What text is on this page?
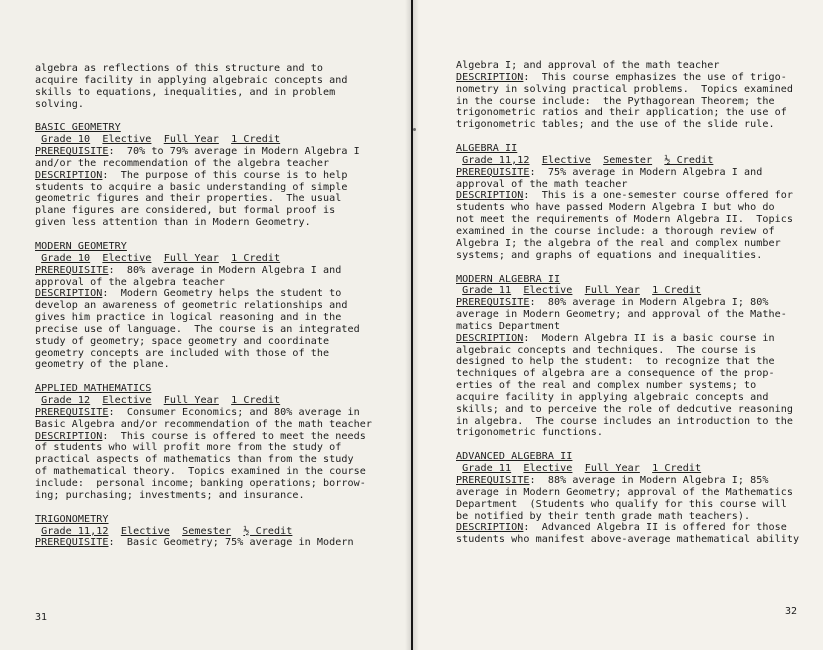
algebra as reflections of this structure and to
acquire facility in applying algebraic concepts and
skills to equations, inequalities, and in problem
solving.
BASIC GEOMETRY
Grade 10 Elective Full Year 1 Credit
PREREQUISITE:  70% to 79% average in Modern Algebra I
and/or the recommendation of the algebra teacher
DESCRIPTION:  The purpose of this course is to help
students to acquire a basic understanding of simple
geometric figures and their properties.  The usual
plane figures are considered, but formal proof is
given less attention than in Modern Geometry.
MODERN GEOMETRY
Grade 10 Elective Full Year 1 Credit
PREREQUISITE:  80% average in Modern Algebra I and
approval of the algebra teacher
DESCRIPTION:  Modern Geometry helps the student to
develop an awareness of geometric relationships and
gives him practice in logical reasoning and in the
precise use of language.  The course is an integrated
study of geometry; space geometry and coordinate
geometry concepts are included with those of the
geometry of the plane.
APPLIED MATHEMATICS
Grade 12 Elective Full Year 1 Credit
PREREQUISITE:  Consumer Economics; and 80% average in
Basic Algebra and/or recommendation of the math teacher
DESCRIPTION:  This course is offered to meet the needs
of students who will profit more from the study of
practical aspects of mathematics than from the study
of mathematical theory.  Topics examined in the course
include:  personal income; banking operations; borrow-
ing; purchasing; investments; and insurance.
TRIGONOMETRY
Grade 11,12 Elective Semester ½ Credit
PREREQUISITE:  Basic Geometry; 75% average in Modern
31
Algebra I; and approval of the math teacher
DESCRIPTION:  This course emphasizes the use of trigo-
nometry in solving practical problems.  Topics examined
in the course include:  the Pythagorean Theorem; the
trigonometric ratios and their application; the use of
trigonometric tables; and the use of the slide rule.
ALGEBRA II
Grade 11,12 Elective Semester ½ Credit
PREREQUISITE:  75% average in Modern Algebra I and
approval of the math teacher
DESCRIPTION:  This is a one-semester course offered for
students who have passed Modern Algebra I but who do
not meet the requirements of Modern Algebra II.  Topics
examined in the course include: a thorough review of
Algebra I; the algebra of the real and complex number
systems; and graphs of equations and inequalities.
MODERN ALGEBRA II
Grade 11 Elective Full Year 1 Credit
PREREQUISITE:  80% average in Modern Algebra I; 80%
average in Modern Geometry; and approval of the Mathe-
matics Department
DESCRIPTION:  Modern Algebra II is a basic course in
algebraic concepts and techniques.  The course is
designed to help the student:  to recognize that the
techniques of algebra are a consequence of the prop-
erties of the real and complex number systems; to
acquire facility in applying algebraic concepts and
skills; and to perceive the role of dedcutive reasoning
in algebra.  The course includes an introduction to the
trigonometric functions.
ADVANCED ALGEBRA II
Grade 11 Elective Full Year 1 Credit
PREREQUISITE:  88% average in Modern Algebra I; 85%
average in Modern Geometry; approval of the Mathematics
Department  (Students who qualify for this course will
be notified by their tenth grade math teachers).
DESCRIPTION:  Advanced Algebra II is offered for those
students who manifest above-average mathematical ability
32
